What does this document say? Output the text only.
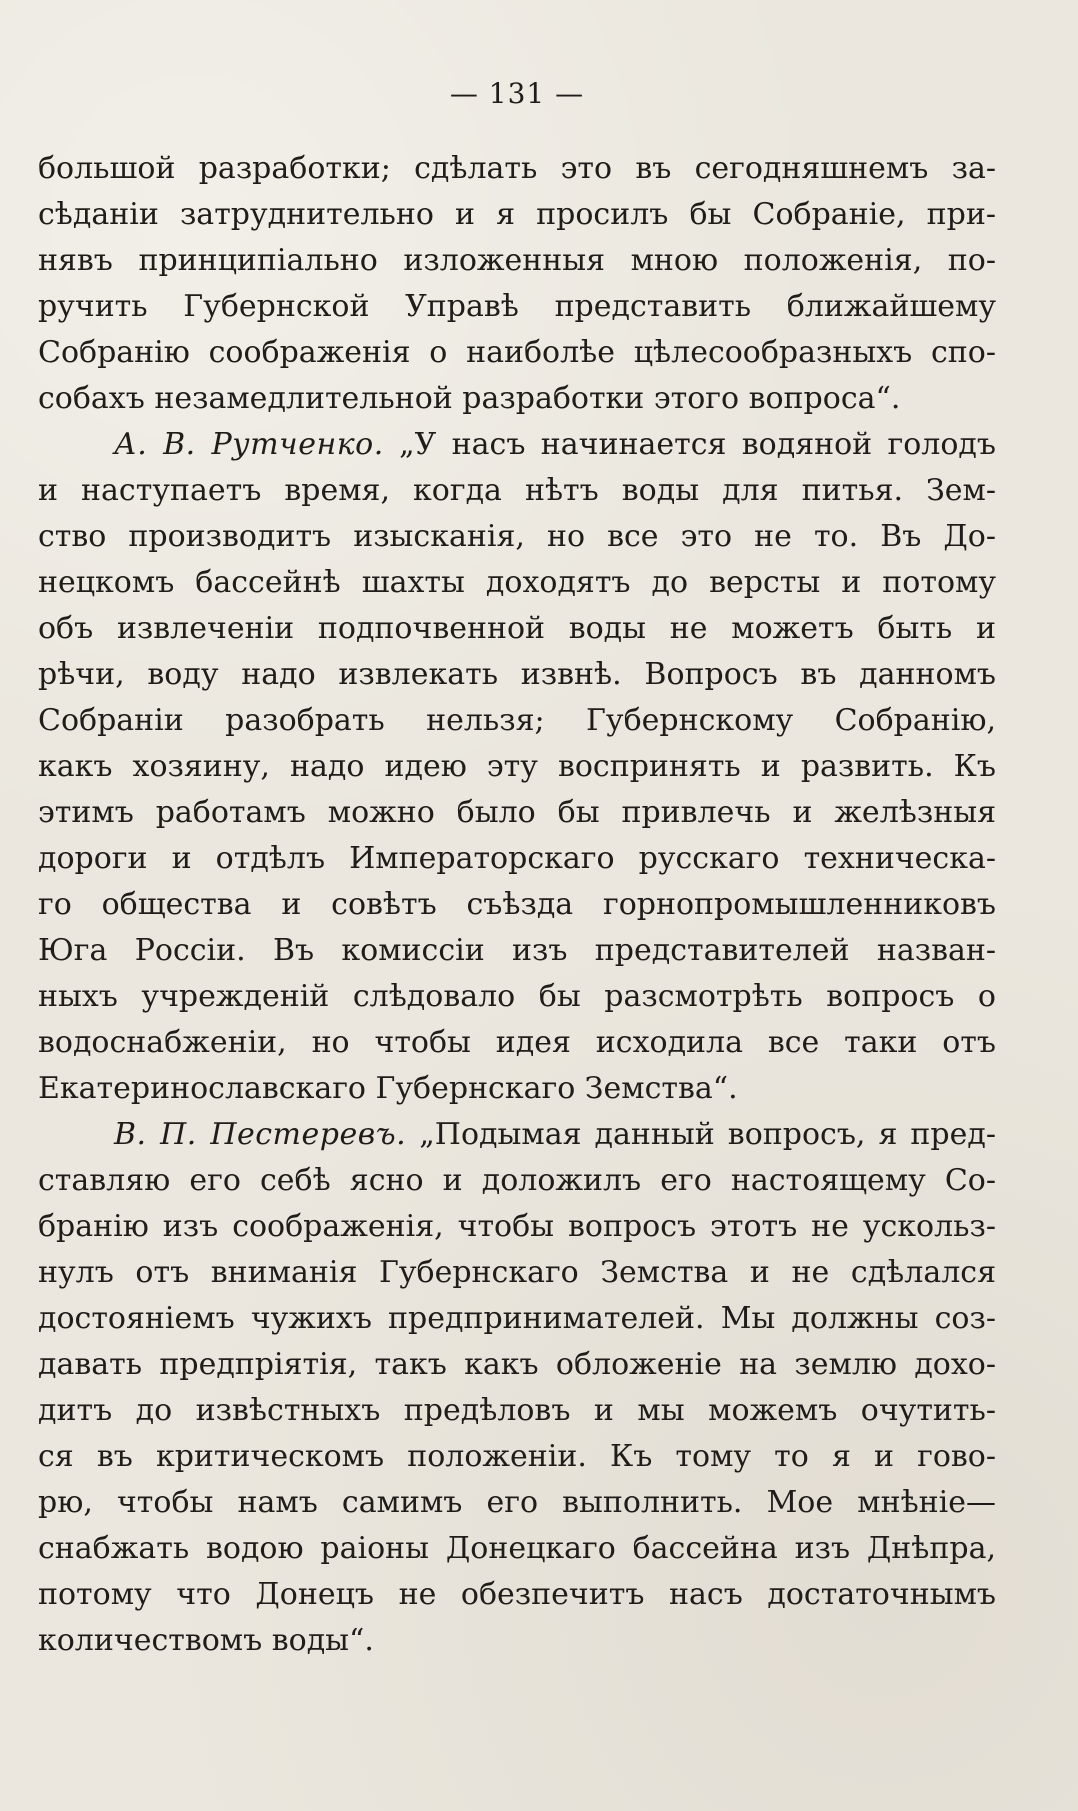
— 131 —
большой разработки; сдѣлать это въ сегодняшнемъ за-
сѣданіи затруднительно и я просилъ бы Собраніе, при-
нявъ принципіально изложенныя мною положенія, по-
ручить Губернской Управѣ представить ближайшему
Собранію соображенія о наиболѣе цѣлесообразныхъ спо-
собахъ незамедлительной разработки этого вопроса“.
А. В. Рутченко. „У насъ начинается водяной голодъ
и наступаетъ время, когда нѣтъ воды для питья. Зем-
ство производитъ изысканія, но все это не то. Въ До-
нецкомъ бассейнѣ шахты доходятъ до версты и потому
объ извлеченіи подпочвенной воды не можетъ быть и
рѣчи, воду надо извлекать извнѣ. Вопросъ въ данномъ
Собраніи разобрать нельзя; Губернскому Собранію,
какъ хозяину, надо идею эту воспринять и развить. Къ
этимъ работамъ можно было бы привлечь и желѣзныя
дороги и отдѣлъ Императорскаго русскаго техническа-
го общества и совѣтъ съѣзда горнопромышленниковъ
Юга Россіи. Въ комиссіи изъ представителей назван-
ныхъ учрежденій слѣдовало бы разсмотрѣть вопросъ о
водоснабженіи, но чтобы идея исходила все таки отъ
Екатеринославскаго Губернскаго Земства“.
В. П. Пестеревъ. „Подымая данный вопросъ, я пред-
ставляю его себѣ ясно и доложилъ его настоящему Со-
бранію изъ соображенія, чтобы вопросъ этотъ не ускольз-
нулъ отъ вниманія Губернскаго Земства и не сдѣлался
достояніемъ чужихъ предпринимателей. Мы должны соз-
давать предпріятія, такъ какъ обложеніе на землю дохо-
дитъ до извѣстныхъ предѣловъ и мы можемъ очутить-
ся въ критическомъ положеніи. Къ тому то я и гово-
рю, чтобы намъ самимъ его выполнить. Мое мнѣніе—
снабжать водою раіоны Донецкаго бассейна изъ Днѣпра,
потому что Донецъ не обезпечитъ насъ достаточнымъ
количествомъ воды“.
